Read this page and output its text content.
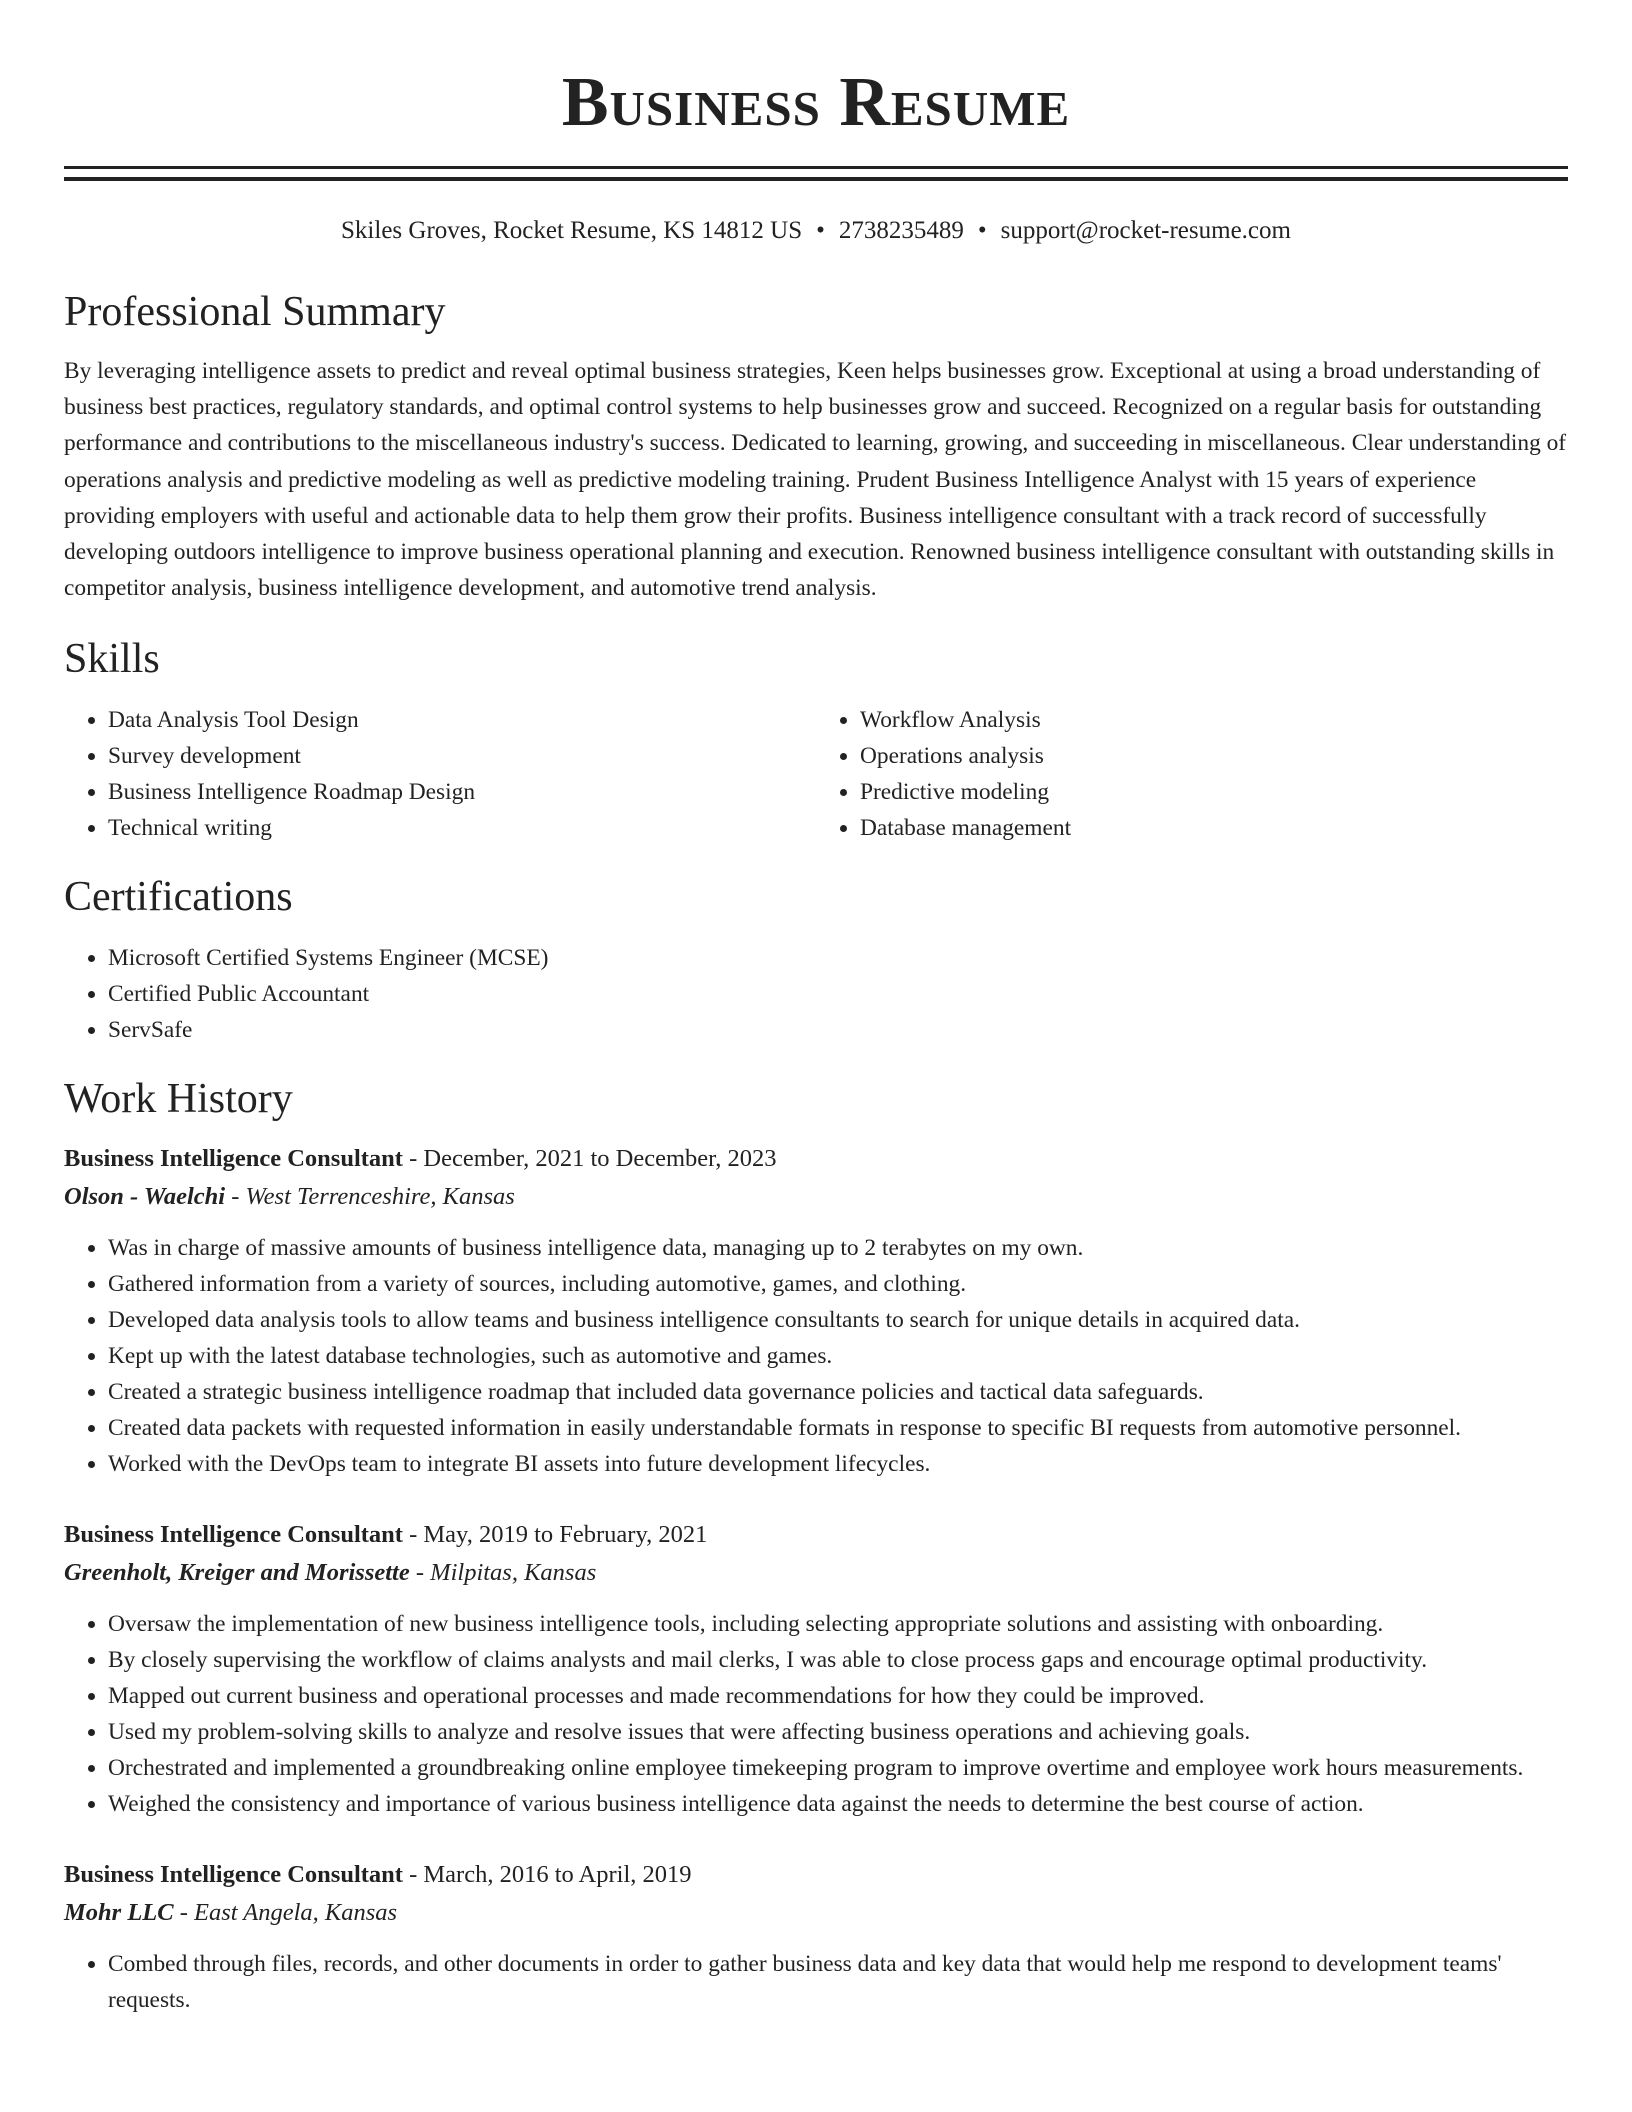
Business Resume
Skiles Groves, Rocket Resume, KS 14812 US • 2738235489 • support@rocket-resume.com
Professional Summary

By leveraging intelligence assets to predict and reveal optimal business strategies, Keen helps businesses grow. Exceptional at using a broad understanding of business best practices, regulatory standards, and optimal control systems to help businesses grow and succeed. Recognized on a regular basis for outstanding performance and contributions to the miscellaneous industry's success. Dedicated to learning, growing, and succeeding in miscellaneous. Clear understanding of operations analysis and predictive modeling as well as predictive modeling training. Prudent Business Intelligence Analyst with 15 years of experience providing employers with useful and actionable data to help them grow their profits. Business intelligence consultant with a track record of successfully developing outdoors intelligence to improve business operational planning and execution. Renowned business intelligence consultant with outstanding skills in competitor analysis, business intelligence development, and automotive trend analysis.

Skills
• Data Analysis Tool Design
• Survey development
• Business Intelligence Roadmap Design
• Technical writing
• Workflow Analysis
• Operations analysis
• Predictive modeling
• Database management
Certifications
• Microsoft Certified Systems Engineer (MCSE)
• Certified Public Accountant
• ServSafe
Work History
Business Intelligence Consultant - December, 2021 to December, 2023
Olson - Waelchi - West Terrenceshire, Kansas
• Was in charge of massive amounts of business intelligence data, managing up to 2 terabytes on my own.
• Gathered information from a variety of sources, including automotive, games, and clothing.
• Developed data analysis tools to allow teams and business intelligence consultants to search for unique details in acquired data.
• Kept up with the latest database technologies, such as automotive and games.
• Created a strategic business intelligence roadmap that included data governance policies and tactical data safeguards.
• Created data packets with requested information in easily understandable formats in response to specific BI requests from automotive personnel.
• Worked with the DevOps team to integrate BI assets into future development lifecycles.
Business Intelligence Consultant - May, 2019 to February, 2021
Greenholt, Kreiger and Morissette - Milpitas, Kansas
• Oversaw the implementation of new business intelligence tools, including selecting appropriate solutions and assisting with onboarding.
• By closely supervising the workflow of claims analysts and mail clerks, I was able to close process gaps and encourage optimal productivity.
• Mapped out current business and operational processes and made recommendations for how they could be improved.
• Used my problem-solving skills to analyze and resolve issues that were affecting business operations and achieving goals.
• Orchestrated and implemented a groundbreaking online employee timekeeping program to improve overtime and employee work hours measurements.
• Weighed the consistency and importance of various business intelligence data against the needs to determine the best course of action.
Business Intelligence Consultant - March, 2016 to April, 2019
Mohr LLC - East Angela, Kansas
• Combed through files, records, and other documents in order to gather business data and key data that would help me respond to development teams' requests.
